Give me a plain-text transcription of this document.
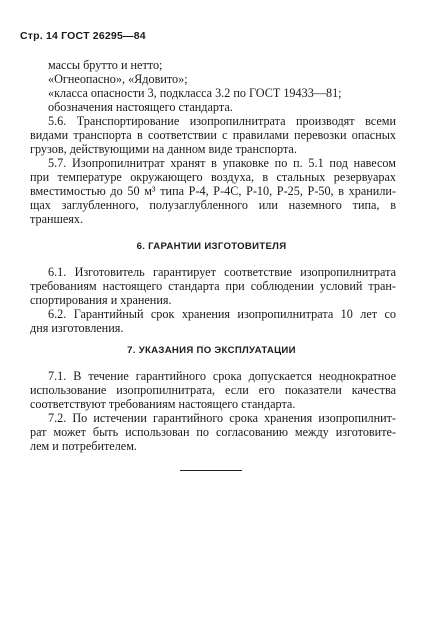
Стр. 14 ГОСТ 26295—84
массы брутто и нетто;
«Огнеопасно», «Ядовито»;
«класса опасности 3, подкласса 3.2 по ГОСТ 19433—81;
обозначения настоящего стандарта.
5.6. Транспортирование изопропилнитрата производят всеми
видами транспорта в соответствии с правилами перевозки опасных
грузов, действующими на данном виде транспорта.
5.7. Изопропилнитрат хранят в упаковке по п. 5.1 под навесом
при температуре окружающего воздуха, в стальных резервуарах
вместимостью до 50 м³ типа Р-4, Р-4С, Р-10, Р-25, Р-50, в хранили-
щах заглубленного, полузаглубленного или наземного типа, в
траншеях.
6. ГАРАНТИИ ИЗГОТОВИТЕЛЯ
6.1. Изготовитель гарантирует соответствие изопропилнитрата
требованиям настоящего стандарта при соблюдении условий тран-
спортирования и хранения.
6.2. Гарантийный срок хранения изопропилнитрата 10 лет со
дня изготовления.
7. УКАЗАНИЯ ПО ЭКСПЛУАТАЦИИ
7.1. В течение гарантийного срока допускается неоднократное
использование изопропилнитрата, если его показатели качества
соответствуют требованиям настоящего стандарта.
7.2. По истечении гарантийного срока хранения изопропилнит-
рат может быть использован по согласованию между изготовите-
лем и потребителем.
